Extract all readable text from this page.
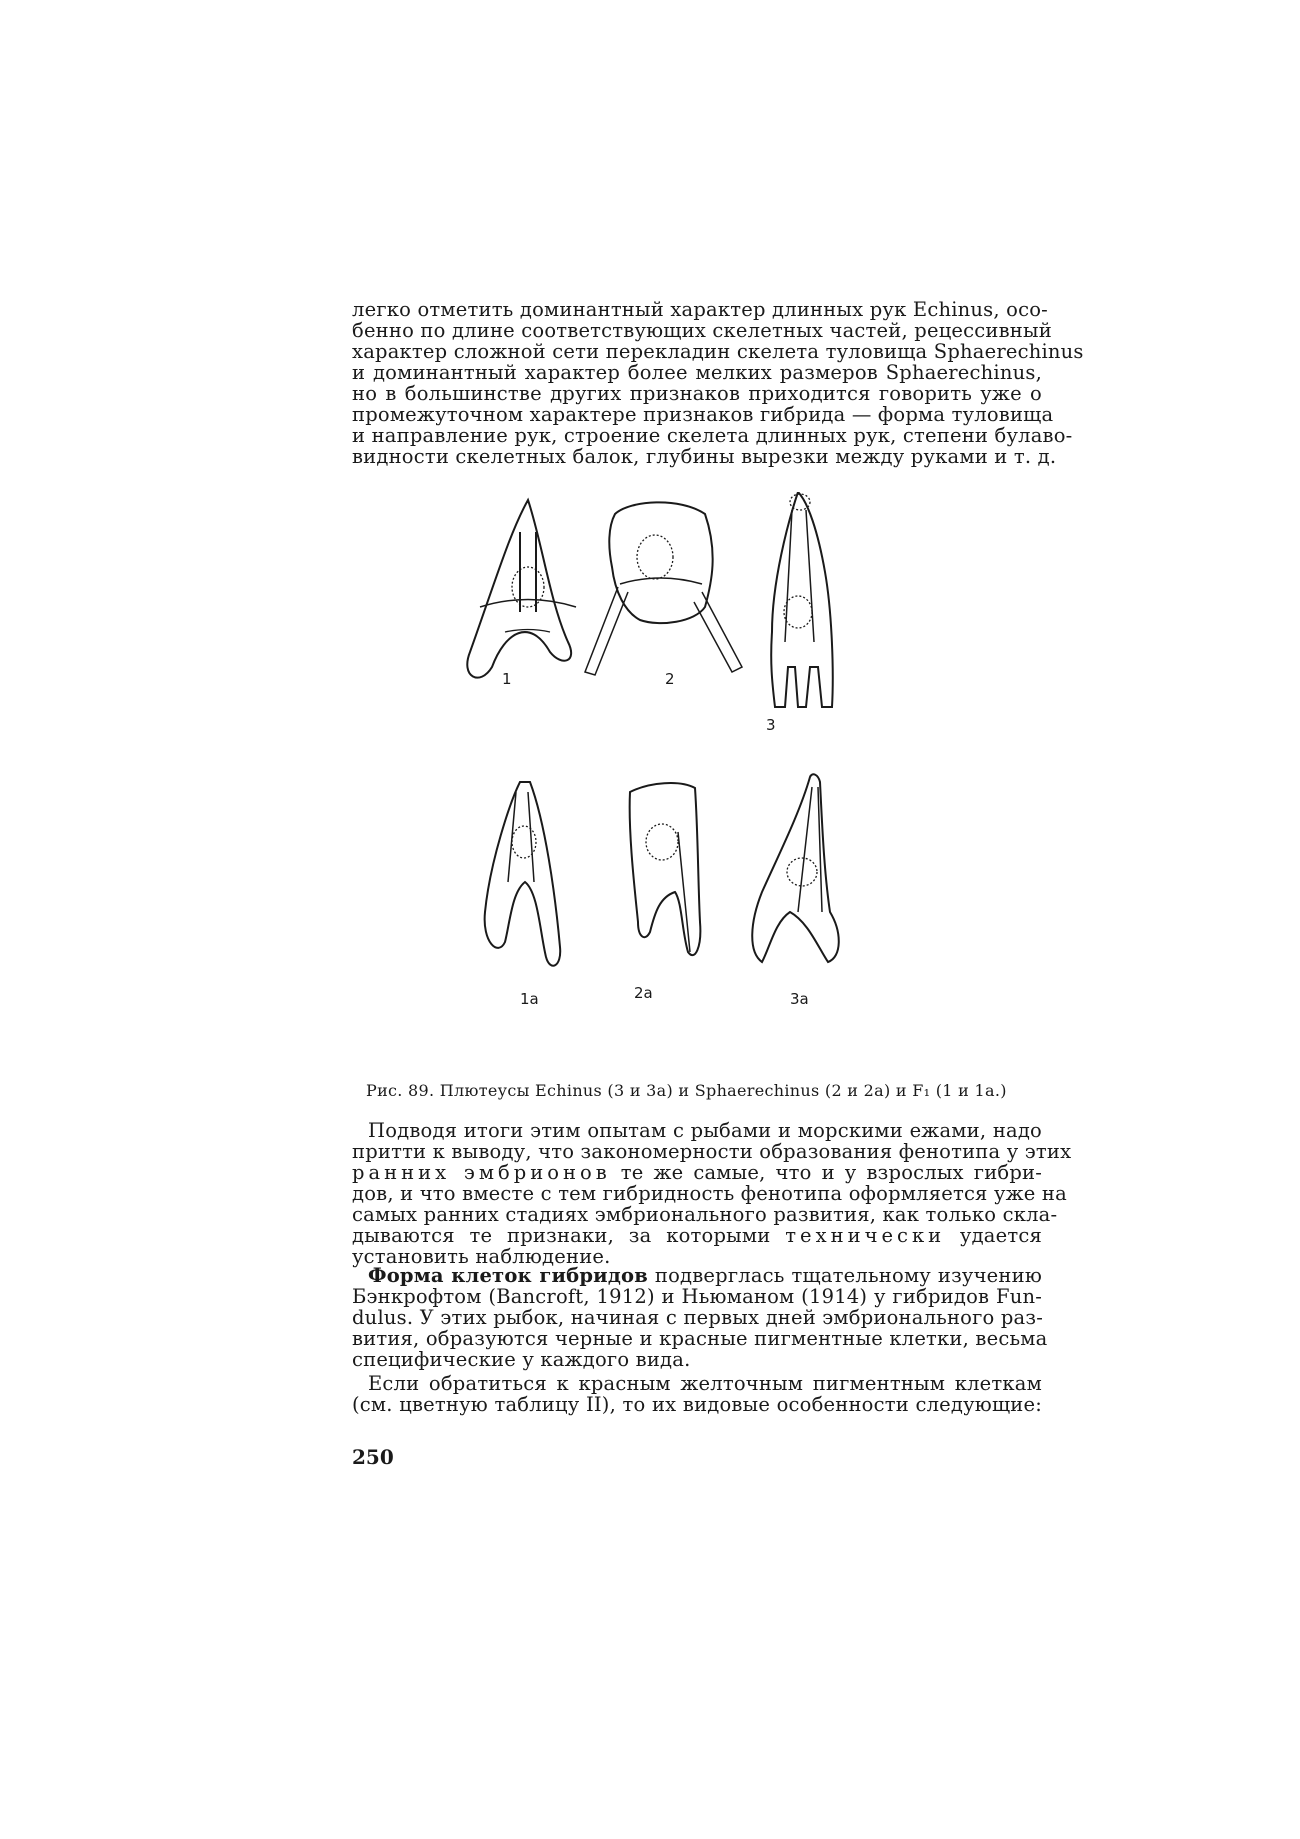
легко отметить доминантный характер длинных рук Echinus, осо-
бенно по длине соответствующих скелетных частей, рецессивный
характер сложной сети перекладин скелета туловища Sphaerechinus
и доминантный характер более мелких размеров Sphaerechinus,
но в большинстве других признаков приходится говорить уже о
промежуточном характере признаков гибрида — форма туловища
и направление рук, строение скелета длинных рук, степени булаво-
видности скелетных балок, глубины вырезки между руками и т. д.
1	2
3
1a	2a	3a
Рис. 89. Плютеусы Echinus (3 и 3а) и Sphaerechinus (2 и 2а) и F₁ (1 и 1а.)
Подводя итоги этим опытам с рыбами и морскими ежами, надо
притти к выводу, что закономерности образования фенотипа у этих
ранних эмбрионов те же самые, что и у взрослых гибри-
дов, и что вместе с тем гибридность фенотипа оформляется уже на
самых ранних стадиях эмбрионального развития, как только скла-
дываются те признаки, за которыми технически удается
установить наблюдение.
Форма клеток гибридов подверглась тщательному изучению
Бэнкрофтом (Bancroft, 1912) и Ньюманом (1914) у гибридов Fun-
dulus. У этих рыбок, начиная с первых дней эмбрионального раз-
вития, образуются черные и красные пигментные клетки, весьма
специфические у каждого вида.
Если обратиться к красным желточным пигментным клеткам
(см. цветную таблицу II), то их видовые особенности следующие:
250
